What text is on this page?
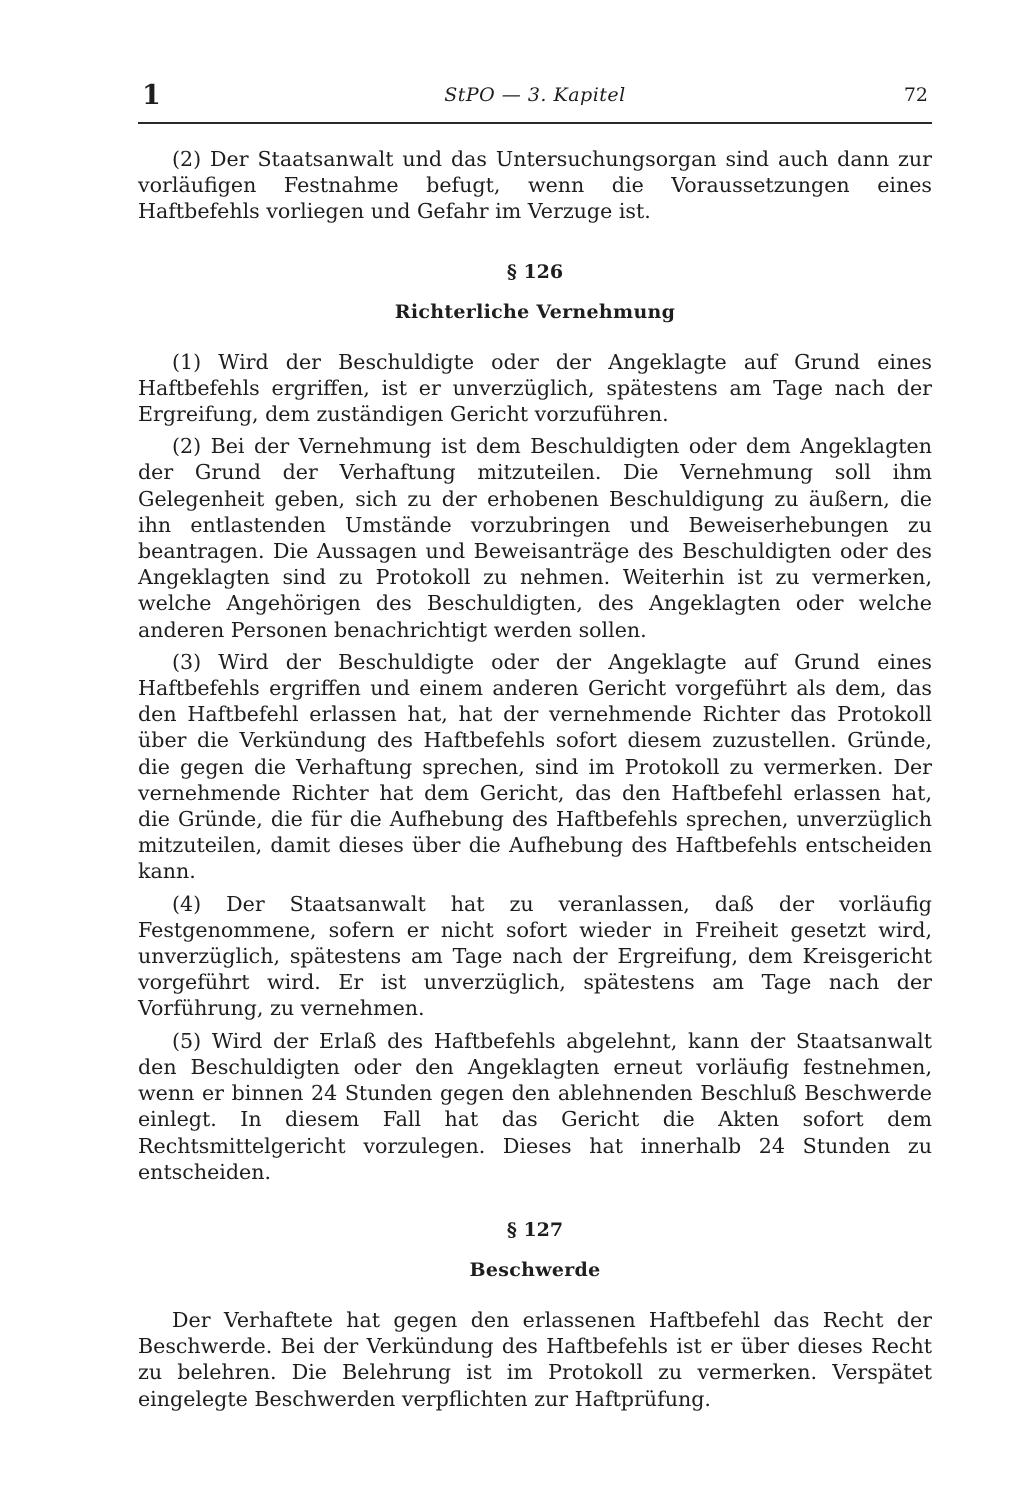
1	StPO — 3. Kapitel	72

(2) Der Staatsanwalt und das Untersuchungsorgan sind auch dann zur vorläufigen Festnahme befugt, wenn die Voraussetzungen eines Haftbefehls vorliegen und Gefahr im Verzuge ist.

§ 126
Richterliche Vernehmung

(1) Wird der Beschuldigte oder der Angeklagte auf Grund eines Haftbefehls ergriffen, ist er unverzüglich, spätestens am Tage nach der Ergreifung, dem zuständigen Gericht vorzuführen.

(2) Bei der Vernehmung ist dem Beschuldigten oder dem Angeklagten der Grund der Verhaftung mitzuteilen. Die Vernehmung soll ihm Gelegenheit geben, sich zu der erhobenen Beschuldigung zu äußern, die ihn entlastenden Umstände vorzubringen und Beweiserhebungen zu beantragen. Die Aussagen und Beweisanträge des Beschuldigten oder des Angeklagten sind zu Protokoll zu nehmen. Weiterhin ist zu vermerken, welche Angehörigen des Beschuldigten, des Angeklagten oder welche anderen Personen benachrichtigt werden sollen.

(3) Wird der Beschuldigte oder der Angeklagte auf Grund eines Haftbefehls ergriffen und einem anderen Gericht vorgeführt als dem, das den Haftbefehl erlassen hat, hat der vernehmende Richter das Protokoll über die Verkündung des Haftbefehls sofort diesem zuzustellen. Gründe, die gegen die Verhaftung sprechen, sind im Protokoll zu vermerken. Der vernehmende Richter hat dem Gericht, das den Haftbefehl erlassen hat, die Gründe, die für die Aufhebung des Haftbefehls sprechen, unverzüglich mitzuteilen, damit dieses über die Aufhebung des Haftbefehls entscheiden kann.

(4) Der Staatsanwalt hat zu veranlassen, daß der vorläufig Festgenommene, sofern er nicht sofort wieder in Freiheit gesetzt wird, unverzüglich, spätestens am Tage nach der Ergreifung, dem Kreisgericht vorgeführt wird. Er ist unverzüglich, spätestens am Tage nach der Vorführung, zu vernehmen.

(5) Wird der Erlaß des Haftbefehls abgelehnt, kann der Staatsanwalt den Beschuldigten oder den Angeklagten erneut vorläufig festnehmen, wenn er binnen 24 Stunden gegen den ablehnenden Beschluß Beschwerde einlegt. In diesem Fall hat das Gericht die Akten sofort dem Rechtsmittelgericht vorzulegen. Dieses hat innerhalb 24 Stunden zu entscheiden.

§ 127
Beschwerde

Der Verhaftete hat gegen den erlassenen Haftbefehl das Recht der Beschwerde. Bei der Verkündung des Haftbefehls ist er über dieses Recht zu belehren. Die Belehrung ist im Protokoll zu vermerken. Verspätet eingelegte Beschwerden verpflichten zur Haftprüfung.
